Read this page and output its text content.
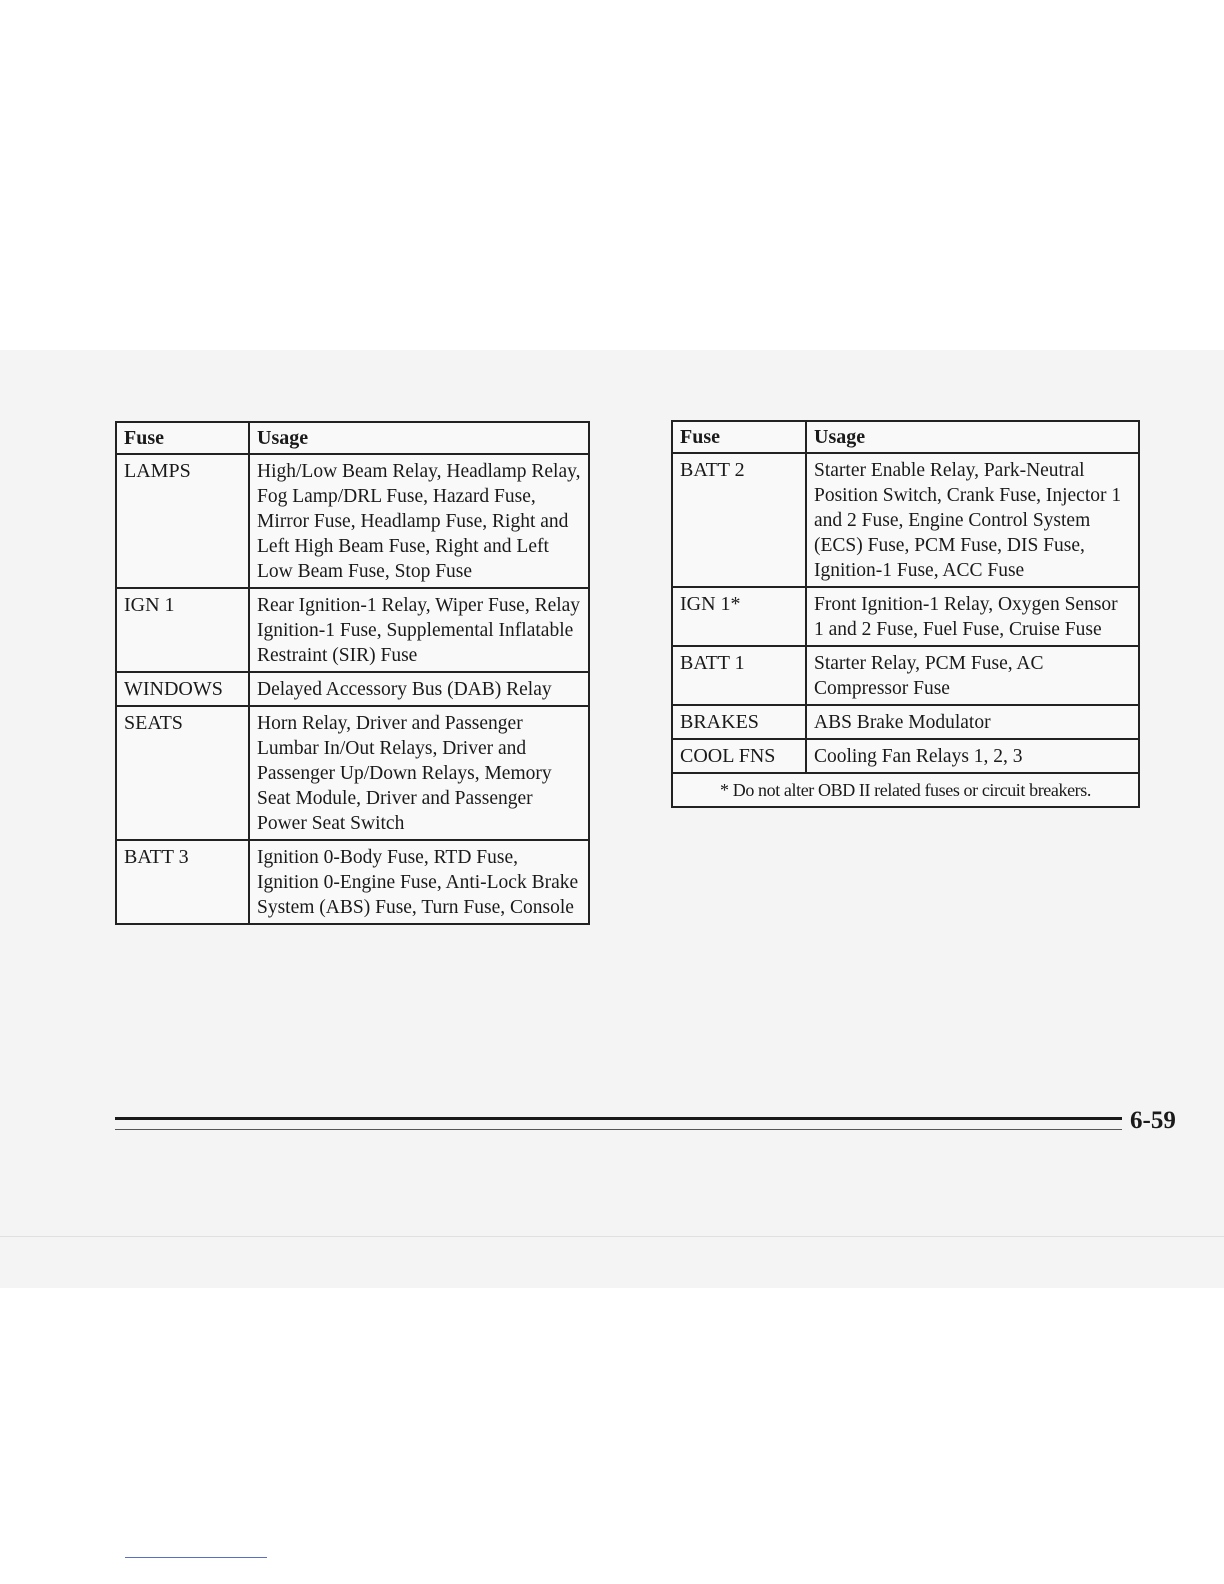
Fuse	Usage
LAMPS	High/Low Beam Relay, Headlamp Relay, Fog Lamp/DRL Fuse, Hazard Fuse, Mirror Fuse, Headlamp Fuse, Right and Left High Beam Fuse, Right and Left Low Beam Fuse, Stop Fuse
IGN 1	Rear Ignition-1 Relay, Wiper Fuse, Relay Ignition-1 Fuse, Supplemental Inflatable Restraint (SIR) Fuse
WINDOWS	Delayed Accessory Bus (DAB) Relay
SEATS	Horn Relay, Driver and Passenger Lumbar In/Out Relays, Driver and Passenger Up/Down Relays, Memory Seat Module, Driver and Passenger Power Seat Switch
BATT 3	Ignition 0-Body Fuse, RTD Fuse, Ignition 0-Engine Fuse, Anti-Lock Brake System (ABS) Fuse, Turn Fuse, Console
Fuse	Usage
BATT 2	Starter Enable Relay, Park-Neutral Position Switch, Crank Fuse, Injector 1 and 2 Fuse, Engine Control System (ECS) Fuse, PCM Fuse, DIS Fuse, Ignition-1 Fuse, ACC Fuse
IGN 1*	Front Ignition-1 Relay, Oxygen Sensor 1 and 2 Fuse, Fuel Fuse, Cruise Fuse
BATT 1	Starter Relay, PCM Fuse, AC Compressor Fuse
BRAKES	ABS Brake Modulator
COOL FNS	Cooling Fan Relays 1, 2, 3
* Do not alter OBD II related fuses or circuit breakers.	
6-59
